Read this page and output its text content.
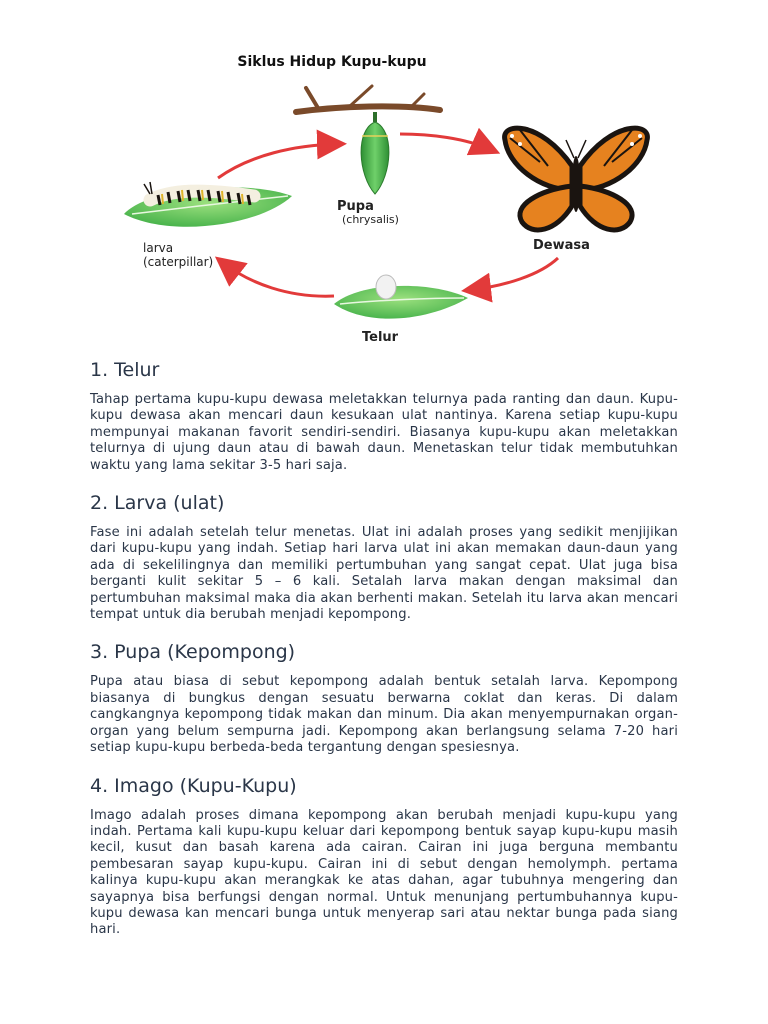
Siklus Hidup Kupu-kupu
Pupa
(chrysalis)
Dewasa
Telur
larva
(caterpillar)
1. Telur

Tahap pertama kupu-kupu dewasa meletakkan telurnya pada ranting dan daun. Kupu-kupu dewasa akan mencari daun kesukaan ulat nantinya. Karena setiap kupu-kupu mempunyai makanan favorit sendiri-sendiri. Biasanya kupu-kupu akan meletakkan telurnya di ujung daun atau di bawah daun. Menetaskan telur tidak membutuhkan waktu yang lama sekitar 3-5 hari saja.

2. Larva (ulat)

Fase ini adalah setelah telur menetas. Ulat ini adalah proses yang sedikit menjijikan dari kupu-kupu yang indah. Setiap hari larva ulat ini akan memakan daun-daun yang ada di sekelilingnya dan memiliki pertumbuhan yang sangat cepat. Ulat juga bisa berganti kulit sekitar 5 – 6 kali. Setalah larva makan dengan maksimal dan pertumbuhan maksimal maka dia akan berhenti makan. Setelah itu larva akan mencari tempat untuk dia berubah menjadi kepompong.

3. Pupa (Kepompong)

Pupa atau biasa di sebut kepompong adalah bentuk setalah larva. Kepompong biasanya di bungkus dengan sesuatu berwarna coklat dan keras. Di dalam cangkangnya kepompong tidak makan dan minum. Dia akan menyempurnakan organ-organ yang belum sempurna jadi. Kepompong akan berlangsung selama 7-20 hari setiap kupu-kupu berbeda-beda tergantung dengan spesiesnya.

4. Imago (Kupu-Kupu)

Imago adalah proses dimana kepompong akan berubah menjadi kupu-kupu yang indah. Pertama kali kupu-kupu keluar dari kepompong bentuk sayap kupu-kupu masih kecil, kusut dan basah karena ada cairan. Cairan ini juga berguna membantu pembesaran sayap kupu-kupu. Cairan ini di sebut dengan hemolymph. pertama kalinya kupu-kupu akan merangkak ke atas dahan, agar tubuhnya mengering dan sayapnya bisa berfungsi dengan normal. Untuk menunjang pertumbuhannya kupu-kupu dewasa kan mencari bunga untuk menyerap sari atau nektar bunga pada siang hari.
